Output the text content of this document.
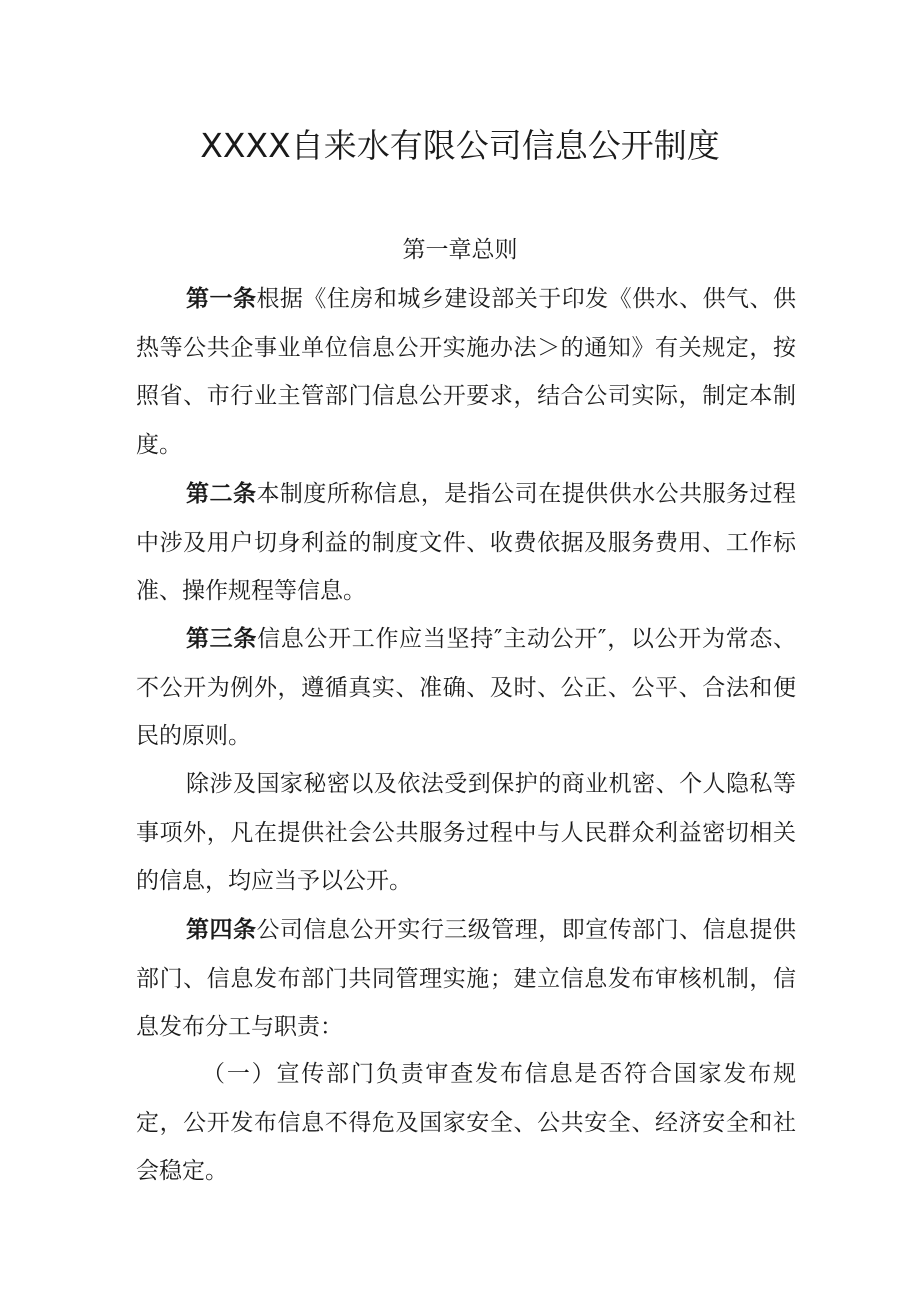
XXXX自来水有限公司信息公开制度
第一章总则

第一条根据《住房和城乡建设部关于印发《供水、供气、供热等公共企事业单位信息公开实施办法＞的通知》有关规定，按照省、市行业主管部门信息公开要求，结合公司实际，制定本制度。

第二条本制度所称信息，是指公司在提供供水公共服务过程中涉及用户切身利益的制度文件、收费依据及服务费用、工作标准、操作规程等信息。

第三条信息公开工作应当坚持″主动公开″，以公开为常态、不公开为例外，遵循真实、准确、及时、公正、公平、合法和便民的原则。

除涉及国家秘密以及依法受到保护的商业机密、个人隐私等事项外，凡在提供社会公共服务过程中与人民群众利益密切相关的信息，均应当予以公开。

第四条公司信息公开实行三级管理，即宣传部门、信息提供部门、信息发布部门共同管理实施；建立信息发布审核机制，信息发布分工与职责：

（一）宣传部门负责审查发布信息是否符合国家发布规定，公开发布信息不得危及国家安全、公共安全、经济安全和社会稳定。
